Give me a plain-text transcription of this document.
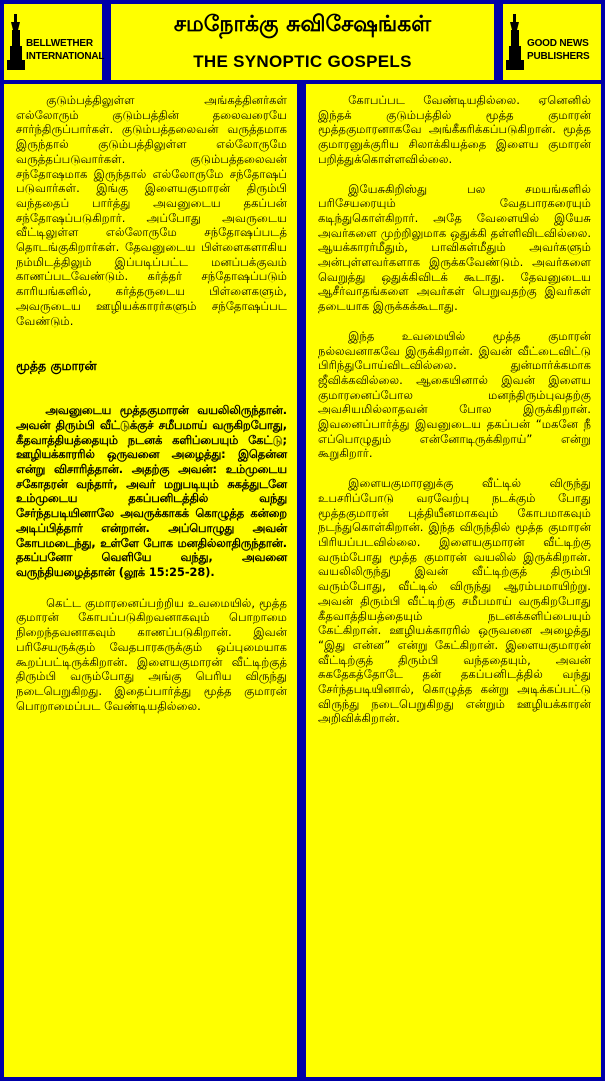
BELLWETHER
INTERNATIONAL
சமநோக்கு சுவிசேஷங்கள்
THE SYNOPTIC GOSPELS
GOOD NEWS
PUBLISHERS

குடும்பத்திலுள்ள அங்கத்தினர்கள் எல்லோரும் குடும்பத்தின் தலைவரையே சார்ந்திருப்பார்கள். குடும்பத்தலைவன் வருத்தமாக இருந்தால் குடும்பத்திலுள்ள எல்லோருமே வருத்தப்படுவார்கள். குடும்பத்தலைவன் சந்தோஷமாக இருந்தால் எல்லோருமே சந்தோஷப் படுவார்கள். இங்கு இளையகுமாரன் திரும்பி வந்ததைப் பார்த்து அவனுடைய தகப்பன் சந்தோஷப்படுகிறார். அப்போது அவருடைய வீட்டிலுள்ள எல்லோருமே சந்தோஷப்படத் தொடங்குகிறார்கள். தேவனுடைய பிள்ளைகளாகிய நம்மிடத்திலும் இப்படிப்பட்ட மனப்பக்குவம் காணப்படவேண்டும். கர்த்தர் சந்தோஷப்படும் காரியங்களில், கர்த்தருடைய பிள்ளைகளும், அவருடைய ஊழியக்காரர்களும் சந்தோஷப்பட வேண்டும்.

மூத்த குமாரன்

அவனுடைய மூத்தகுமாரன் வயலிலிருந்தான். அவன் திரும்பி வீட்டுக்குச் சமீபமாய் வருகிறபோது, கீதவாத்தியத்தையும் நடனக் களிப்பையும் கேட்டு; ஊழியக்காரரில் ஒருவனை அழைத்து: இதென்ன என்று விசாரித்தான். அதற்கு அவன்: உம்முடைய சகோதரன் வந்தார், அவர் மறுபடியும் சுகத்துடனே உம்முடைய தகப்பனிடத்தில் வந்து சேர்ந்தபடியினாலே அவருக்காகக் கொழுத்த கன்றை அடிப்பித்தார் என்றான். அப்பொழுது அவன் கோபமடைந்து, உள்ளே போக மனதில்லாதிருந்தான். தகப்பனோ வெளியே வந்து, அவனை வருந்தியழைத்தான் (லூக் 15:25-28).

கெட்ட குமாரனைப்பற்றிய உவமையில், மூத்த குமாரன் கோபப்படுகிறவனாகவும் பொறாமை நிறைந்தவனாகவும் காணப்படுகிறான். இவன் பரிசேயருக்கும் வேதபாரகருக்கும் ஒப்புமையாக கூறப்பட்டிருக்கிறான். இளையகுமாரன் வீட்டிற்குத் திரும்பி வரும்போது அங்கு பெரிய விருந்து நடைபெறுகிறது. இதைப்பார்த்து மூத்த குமாரன் பொறாமைப்பட வேண்டியதில்லை.

கோபப்பட வேண்டியதில்லை. ஏனெனில் இந்தக் குடும்பத்தில் மூத்த குமாரன் மூத்தகுமாரனாகவே அங்கீகரிக்கப்படுகிறான். மூத்த குமாரனுக்குரிய சிலாக்கியத்தை இளைய குமாரன் பறித்துக்கொள்ளவில்லை.

இயேசுகிறிஸ்து பல சமயங்களில் பரிசேயரையும் வேதபாரகரையும் கடிந்துகொள்கிறார். அதே வேளையில் இயேசு அவர்களை முற்றிலுமாக ஒதுக்கி தள்ளிவிடவில்லை. ஆயக்காரர்மீதும், பாவிகள்மீதும் அவர்களும் அன்புள்ளவர்களாக இருக்கவேண்டும். அவர்களை வெறுத்து ஒதுக்கிவிடக் கூடாது. தேவனுடைய ஆசீர்வாதங்களை அவர்கள் பெறுவதற்கு இவர்கள் தடையாக இருக்கக்கூடாது.

இந்த உவமையில் மூத்த குமாரன் நல்லவனாகவே இருக்கிறான். இவன் வீட்டைவிட்டு பிரிந்துபோய்விடவில்லை. துன்மார்க்கமாக ஜீவிக்கவில்லை. ஆகையினால் இவன் இளைய குமாரனைப்போல மனந்திரும்புவதற்கு அவசியமில்லாதவன் போல இருக்கிறான். இவனைப்பார்த்து இவனுடைய தகப்பன் “மகனே நீ எப்பொழுதும் என்னோடிருக்கிறாய்” என்று கூறுகிறார்.

இளையகுமாரனுக்கு வீட்டில் விருந்து உபசரிப்போடு வரவேற்பு நடக்கும் போது மூத்தகுமாரன் புத்தியீனமாகவும் கோபமாகவும் நடந்துகொள்கிறான். இந்த விருந்தில் மூத்த குமாரன் பிரியப்படவில்லை. இளையகுமாரன் வீட்டிற்கு வரும்போது மூத்த குமாரன் வயலில் இருக்கிறான். வயலிலிருந்து இவன் வீட்டிற்குத் திரும்பி வரும்போது, வீட்டில் விருந்து ஆரம்பமாயிற்று. அவன் திரும்பி வீட்டிற்கு சமீபமாய் வருகிறபோது கீதவாத்தியத்தையும் நடனக்களிப்பையும் கேட்கிறான். ஊழியக்காரரில் ஒருவனை அழைத்து “இது என்ன” என்று கேட்கிறான். இளையகுமாரன் வீட்டிற்குத் திரும்பி வந்ததையும், அவன் சுகதேகத்தோடே தன் தகப்பனிடத்தில் வந்து சேர்ந்தபடியினால், கொழுத்த கன்று அடிக்கப்பட்டு விருந்து நடைபெறுகிறது என்றும் ஊழியக்காரன் அறிவிக்கிறான்.
